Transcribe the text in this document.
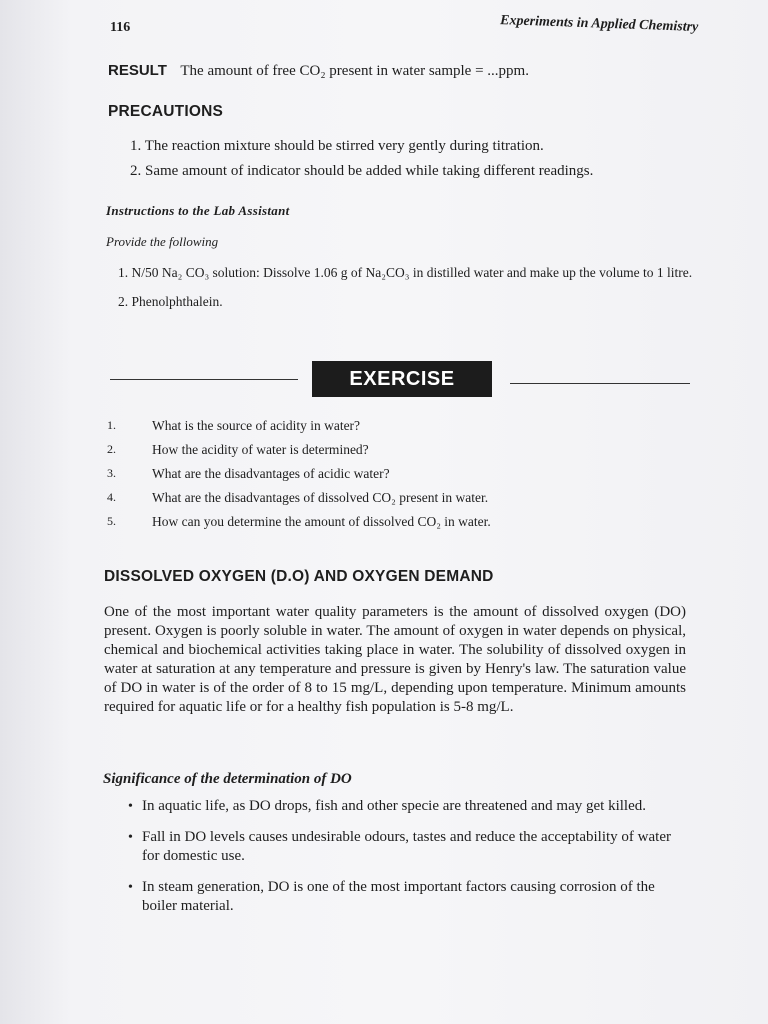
116	Experiments in Applied Chemistry
RESULT The amount of free CO₂ present in water sample = ...ppm.
PRECAUTIONS
1. The reaction mixture should be stirred very gently during titration.
2. Same amount of indicator should be added while taking different readings.
Instructions to the Lab Assistant
Provide the following
1. N/50 Na₂ CO₃ solution: Dissolve 1.06 g of Na₂CO₃ in distilled water and make up the volume to 1 litre.
2. Phenolphthalein.
EXERCISE
1.	What is the source of acidity in water?
2.	How the acidity of water is determined?
3.	What are the disadvantages of acidic water?
4.	What are the disadvantages of dissolved CO₂ present in water.
5.	How can you determine the amount of dissolved CO₂ in water.
DISSOLVED OXYGEN (D.O) AND OXYGEN DEMAND

One of the most important water quality parameters is the amount of dissolved oxygen (DO) present. Oxygen is poorly soluble in water. The amount of oxygen in water depends on physical, chemical and biochemical activities taking place in water. The solubility of dissolved oxygen in water at saturation at any temperature and pressure is given by Henry's law. The saturation value of DO in water is of the order of 8 to 15 mg/L, depending upon temperature. Minimum amounts required for aquatic life or for a healthy fish population is 5-8 mg/L.

Significance of the determination of DO
• In aquatic life, as DO drops, fish and other specie are threatened and may get killed.
• Fall in DO levels causes undesirable odours, tastes and reduce the acceptability of water for domestic use.
• In steam generation, DO is one of the most important factors causing corrosion of the boiler material.
